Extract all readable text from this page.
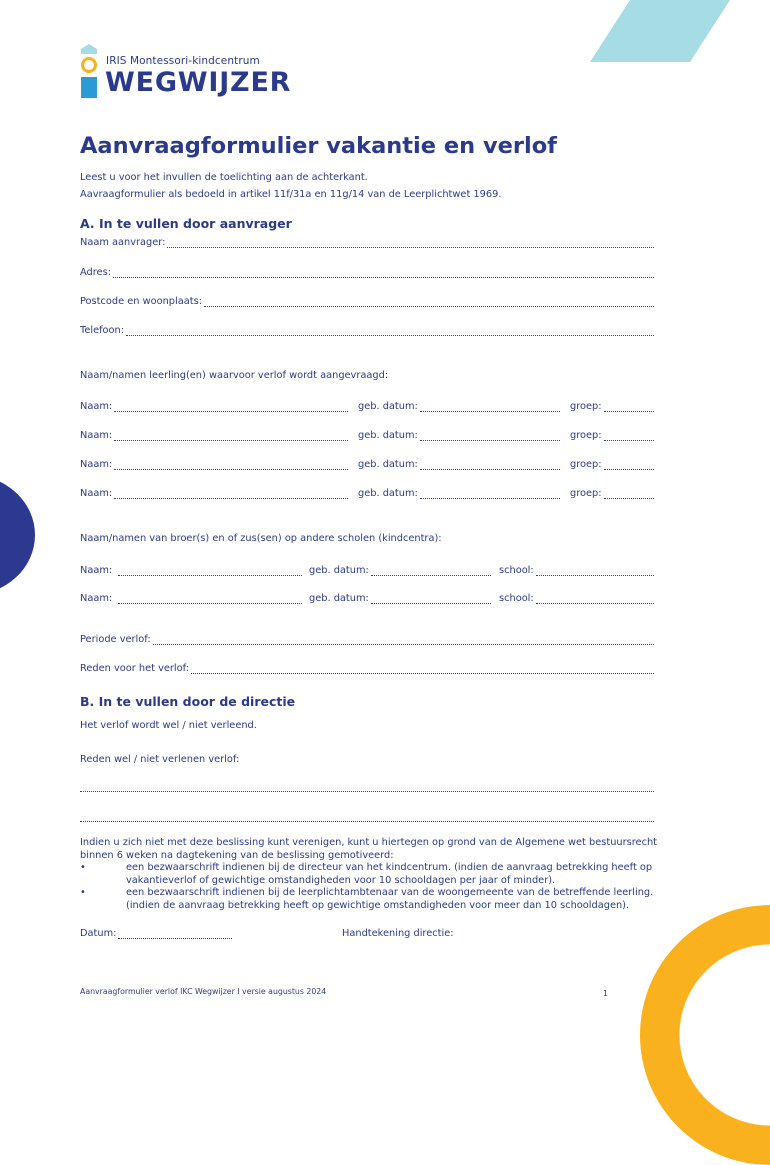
IRIS Montessori-kindcentrum
WEGWIJZER
Aanvraagformulier vakantie en verlof
Leest u voor het invullen de toelichting aan de achterkant.
Aavraagformulier als bedoeld in artikel 11f/31a en 11g/14 van de Leerplichtwet 1969.
A. In te vullen door aanvrager
Naam aanvrager:
Adres:
Postcode en woonplaats:
Telefoon:
Naam/namen leerling(en) waarvoor verlof wordt aangevraagd:
Naam:	geb. datum:	groep:
Naam:	geb. datum:	groep:
Naam:	geb. datum:	groep:
Naam:	geb. datum:	groep:
Naam/namen van broer(s) en of zus(sen) op andere scholen (kindcentra):
Naam:	geb. datum:	school:
Naam:	geb. datum:	school:
Periode verlof:
Reden voor het verlof:
B. In te vullen door de directie
Het verlof wordt wel / niet verleend.
Reden wel / niet verlenen verlof:
Indien u zich niet met deze beslissing kunt verenigen, kunt u hiertegen op grond van de Algemene wet bestuursrecht
binnen 6 weken na dagtekening van de beslissing gemotiveerd:
•	een bezwaarschrift indienen bij de directeur van het kindcentrum. (indien de aanvraag betrekking heeft op vakantieverlof of gewichtige omstandigheden voor 10 schooldagen per jaar of minder).
•	een bezwaarschrift indienen bij de leerplichtambtenaar van de woongemeente van de betreffende leerling. (indien de aanvraag betrekking heeft op gewichtige omstandigheden voor meer dan 10 schooldagen).
Datum:	Handtekening directie:
Aanvraagformulier verlof IKC Wegwijzer I versie augustus 2024	1
